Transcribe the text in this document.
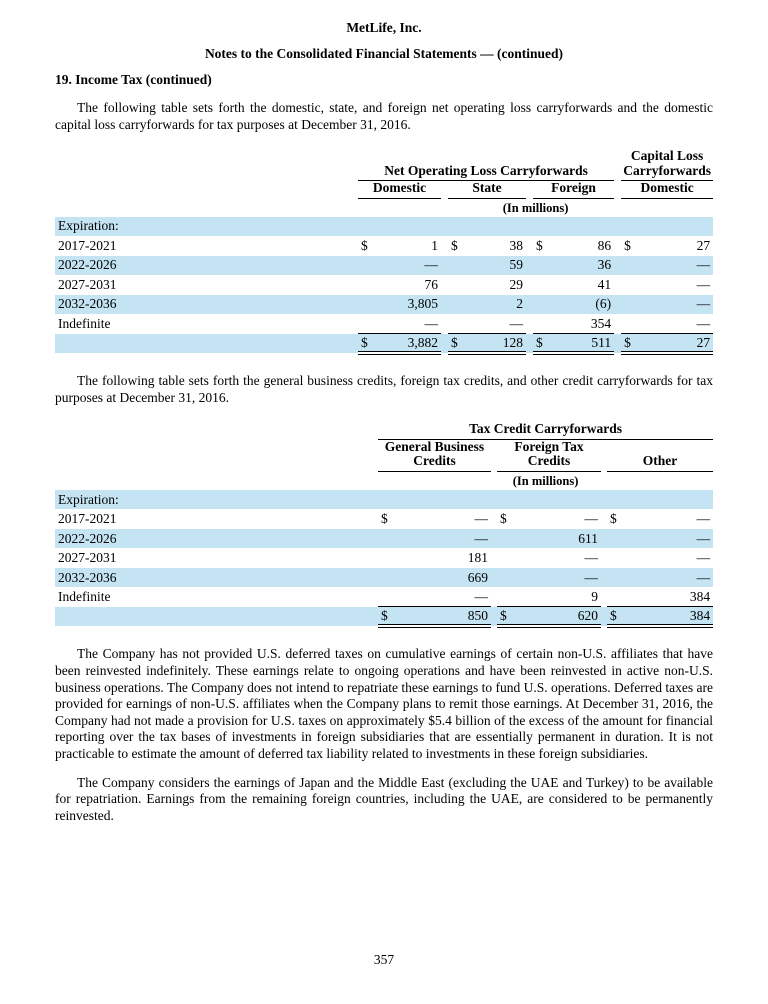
MetLife, Inc.
Notes to the Consolidated Financial Statements — (continued)
19. Income Tax (continued)

The following table sets forth the domestic, state, and foreign net operating loss carryforwards and the domestic capital loss carryforwards for tax purposes at December 31, 2016.

	Net Operating Loss Carryforwards									Capital Loss Carryforwards	
	Domestic			State			Foreign			Domestic	
	(In millions)										
Expiration:											
2017-2021	$	1		$	38		$	86		$	27
2022-2026		—			59			36			—
2027-2031		76			29			41			—
2032-2036		3,805			2			(6)			—
Indefinite		—			—			354			—
	$	3,882		$	128		$	511		$	27

The following table sets forth the general business credits, foreign tax credits, and other credit carryforwards for tax purposes at December 31, 2016.

	Tax Credit Carryforwards							
	General Business Credits			Foreign Tax Credits			Other	
	(In millions)							
Expiration:								
2017-2021	$	—		$	—		$	—
2022-2026		—			611			—
2027-2031		181			—			—
2032-2036		669			—			—
Indefinite		—			9			384
	$	850		$	620		$	384

The Company has not provided U.S. deferred taxes on cumulative earnings of certain non-U.S. affiliates that have been reinvested indefinitely. These earnings relate to ongoing operations and have been reinvested in active non-U.S. business operations. The Company does not intend to repatriate these earnings to fund U.S. operations. Deferred taxes are provided for earnings of non-U.S. affiliates when the Company plans to remit those earnings. At December 31, 2016, the Company had not made a provision for U.S. taxes on approximately $5.4 billion of the excess of the amount for financial reporting over the tax bases of investments in foreign subsidiaries that are essentially permanent in duration. It is not practicable to estimate the amount of deferred tax liability related to investments in these foreign subsidiaries.

The Company considers the earnings of Japan and the Middle East (excluding the UAE and Turkey) to be available for repatriation. Earnings from the remaining foreign countries, including the UAE, are considered to be permanently reinvested.

357
